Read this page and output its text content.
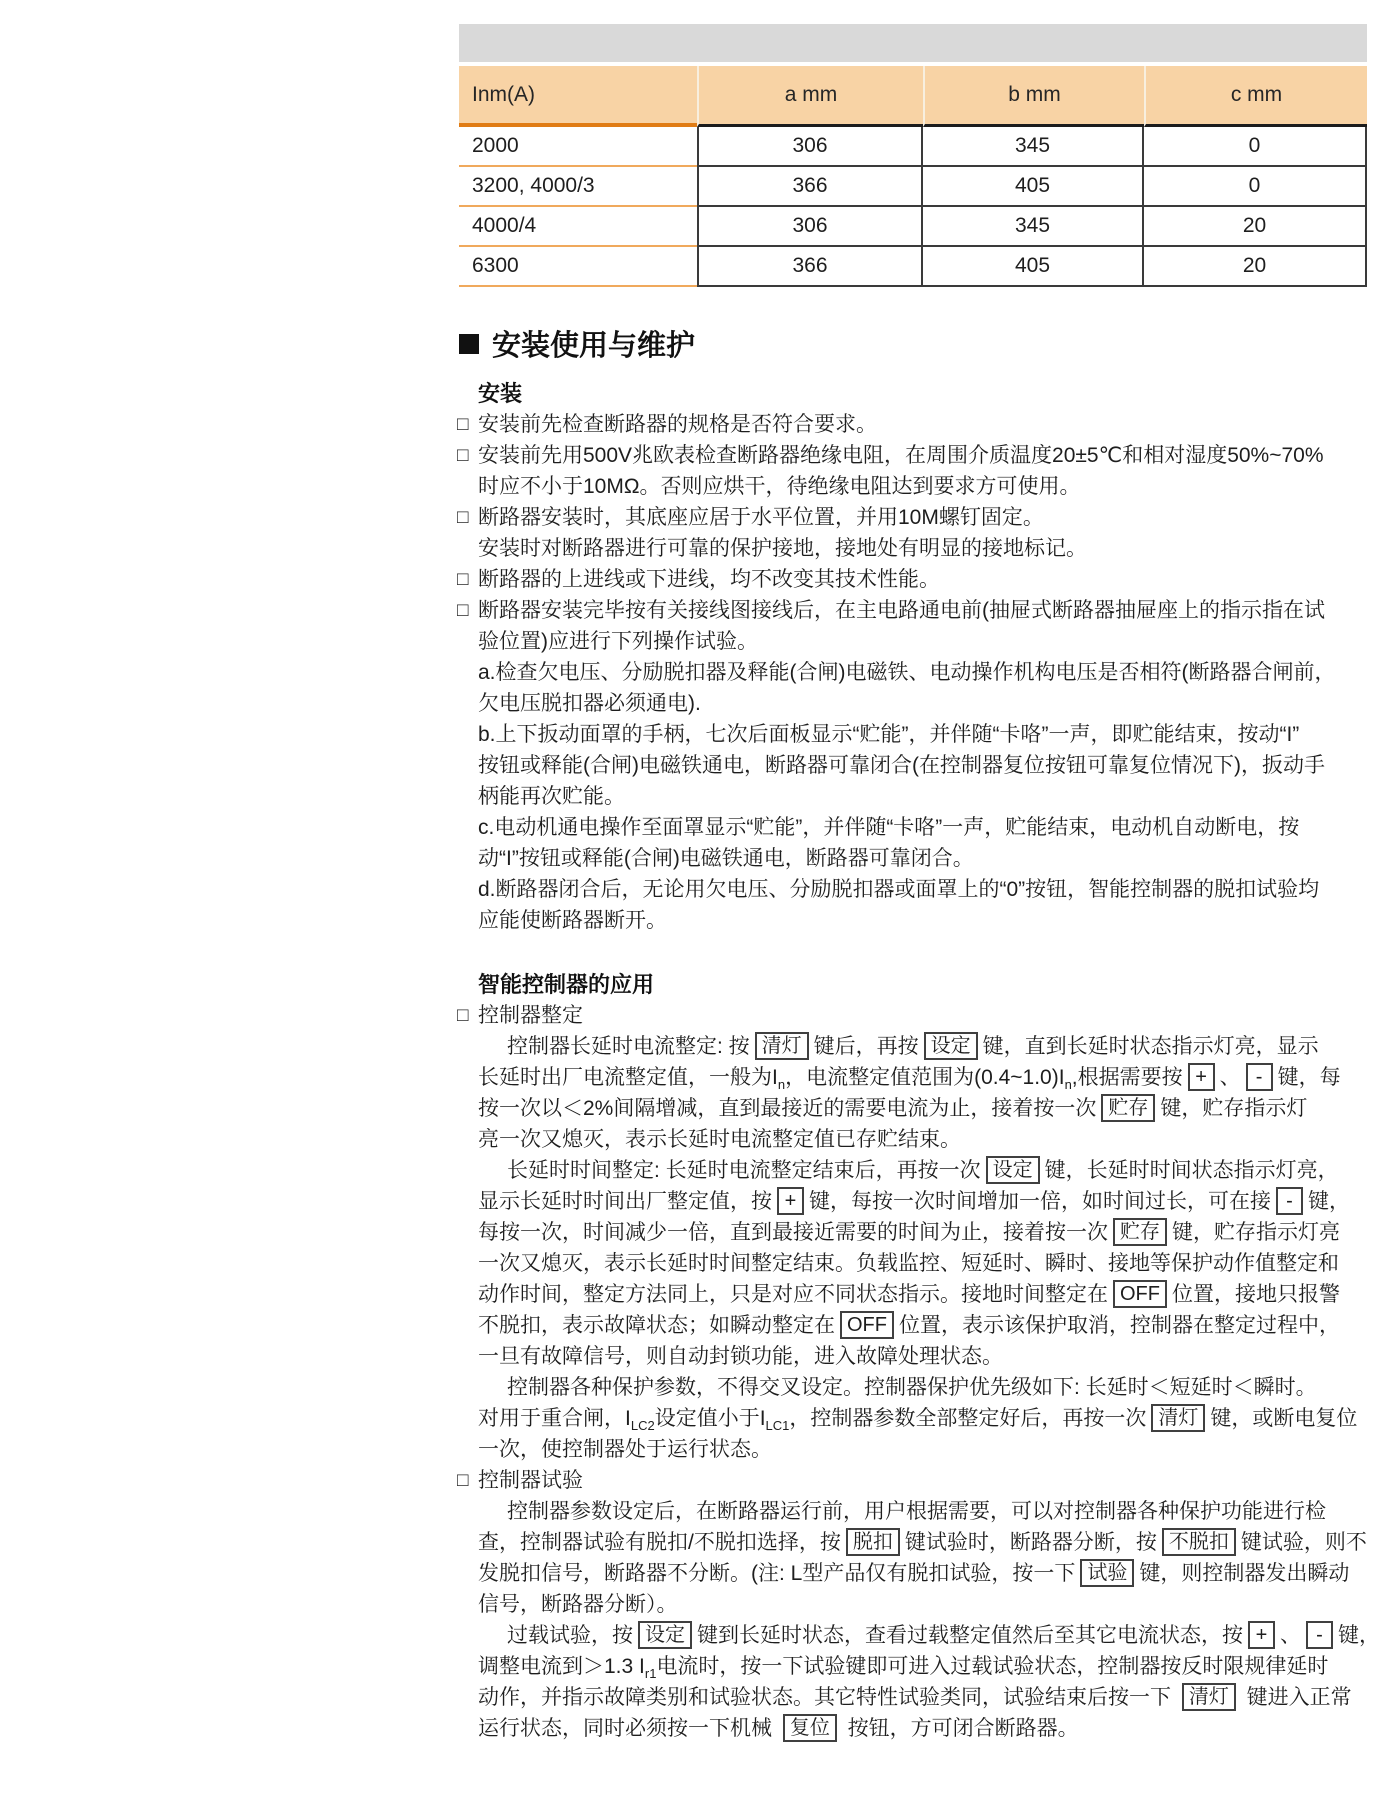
Inm(A)	a mm	b mm	c mm
2000	306	345	0
3200, 4000/3	366	405	0
4000/4	306	345	20
6300	366	405	20
安装使用与维护
安装
□ 安装前先检查断路器的规格是否符合要求。
□ 安装前先用500V兆欧表检查断路器绝缘电阻，在周围介质温度20±5℃和相对湿度50%~70%
时应不小于10MΩ。否则应烘干，待绝缘电阻达到要求方可使用。
□ 断路器安装时，其底座应居于水平位置，并用10M螺钉固定。
安装时对断路器进行可靠的保护接地，接地处有明显的接地标记。
□ 断路器的上进线或下进线，均不改变其技术性能。
□ 断路器安装完毕按有关接线图接线后，在主电路通电前(抽屉式断路器抽屉座上的指示指在试
验位置)应进行下列操作试验。
a.检查欠电压、分励脱扣器及释能(合闸)电磁铁、电动操作机构电压是否相符(断路器合闸前，
欠电压脱扣器必须通电).
b.上下扳动面罩的手柄，七次后面板显示“贮能”，并伴随“卡咯”一声，即贮能结束，按动“I”
按钮或释能(合闸)电磁铁通电，断路器可靠闭合(在控制器复位按钮可靠复位情况下)，扳动手
柄能再次贮能。
c.电动机通电操作至面罩显示“贮能”，并伴随“卡咯”一声，贮能结束，电动机自动断电，按
动“I”按钮或释能(合闸)电磁铁通电，断路器可靠闭合。
d.断路器闭合后，无论用欠电压、分励脱扣器或面罩上的“0”按钮，智能控制器的脱扣试验均
应能使断路器断开。
智能控制器的应用
□ 控制器整定
控制器长延时电流整定: 按 清灯 键后，再按 设定 键，直到长延时状态指示灯亮，显示
长延时出厂电流整定值，一般为$I_n$，电流整定值范围为$(0.4\sim 1.0)I_n$,根据需要按 + 、 - 键，每
按一次以＜2%间隔增减，直到最接近的需要电流为止，接着按一次 贮存 键，贮存指示灯
亮一次又熄灭，表示长延时电流整定值已存贮结束。
长延时时间整定: 长延时电流整定结束后，再按一次 设定 键，长延时时间状态指示灯亮，
显示长延时时间出厂整定值，按 + 键，每按一次时间增加一倍，如时间过长，可在接 - 键，
每按一次，时间减少一倍，直到最接近需要的时间为止，接着按一次 贮存 键，贮存指示灯亮
一次又熄灭，表示长延时时间整定结束。负载监控、短延时、瞬时、接地等保护动作值整定和
动作时间，整定方法同上，只是对应不同状态指示。接地时间整定在 OFF 位置，接地只报警
不脱扣，表示故障状态；如瞬动整定在 OFF 位置，表示该保护取消，控制器在整定过程中，
一旦有故障信号，则自动封锁功能，进入故障处理状态。
控制器各种保护参数，不得交叉设定。控制器保护优先级如下: 长延时＜短延时＜瞬时。
对用于重合闸，$I_{LC2}$设定值小于$I_{LC1}$，控制器参数全部整定好后，再按一次 清灯 键，或断电复位
一次，使控制器处于运行状态。
□ 控制器试验
控制器参数设定后，在断路器运行前，用户根据需要，可以对控制器各种保护功能进行检
查，控制器试验有脱扣/不脱扣选择，按 脱扣 键试验时，断路器分断，按 不脱扣 键试验，则不
发脱扣信号，断路器不分断。(注: L型产品仅有脱扣试验，按一下 试验 键，则控制器发出瞬动
信号，断路器分断）。
过载试验，按 设定 键到长延时状态，查看过载整定值然后至其它电流状态，按 + 、 - 键，
调整电流到＞1.3 $I_{r1}$电流时，按一下试验键即可进入过载试验状态，控制器按反时限规律延时
动作，并指示故障类别和试验状态。其它特性试验类同，试验结束后按一下 清灯 键进入正常
运行状态，同时必须按一下机械 复位 按钮，方可闭合断路器。
